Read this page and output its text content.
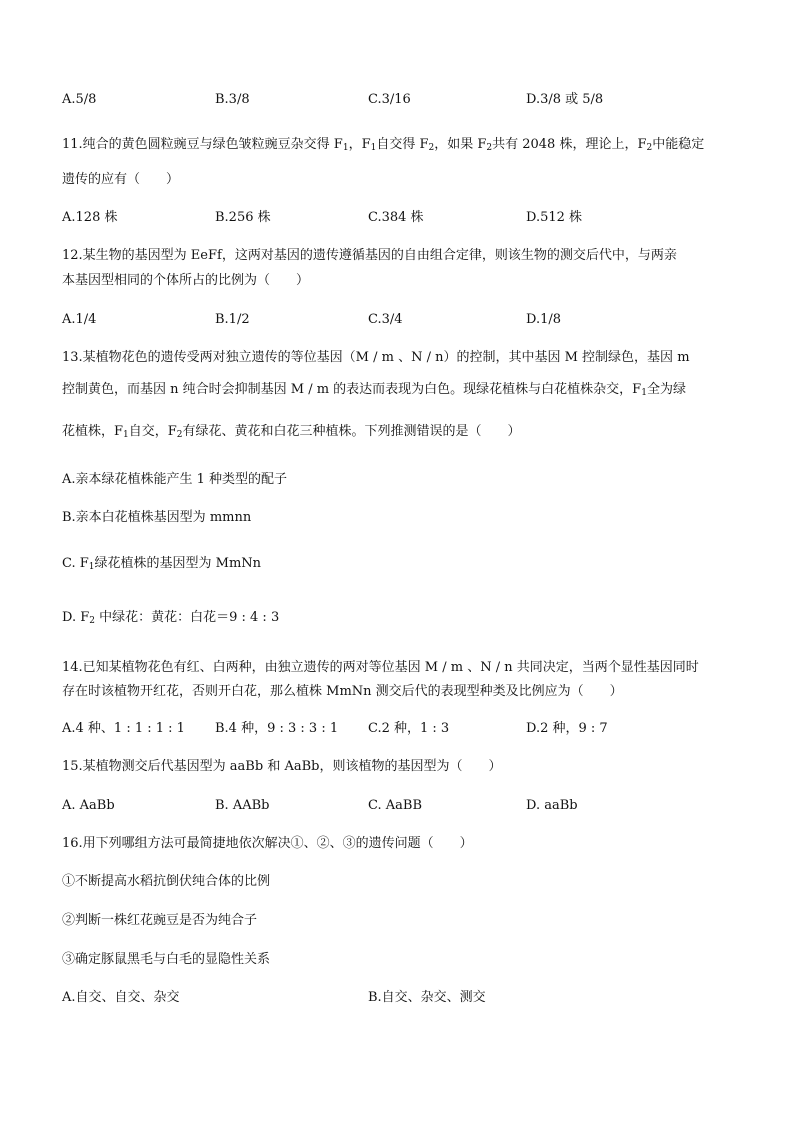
A.5/8	B.3/8	C.3/16	D.3/8 或 5/8
11.纯合的黄色圆粒豌豆与绿色皱粒豌豆杂交得 $F_1$，$F_1$自交得 $F_2$，如果 $F_2$共有 2048 株，理论上，$F_2$中能稳定
遗传的应有（　　）
A.128 株	B.256 株	C.384 株	D.512 株
12.某生物的基因型为 EeFf，这两对基因的遗传遵循基因的自由组合定律，则该生物的测交后代中，与两亲
本基因型相同的个体所占的比例为（　　）
A.1/4	B.1/2	C.3/4	D.1/8
13.某植物花色的遗传受两对独立遗传的等位基因（M / m 、N / n）的控制，其中基因 M 控制绿色，基因 m
控制黄色，而基因 n 纯合时会抑制基因 M / m 的表达而表现为白色。现绿花植株与白花植株杂交，$F_1$全为绿
花植株，$F_1$自交，$F_2$有绿花、黄花和白花三种植株。下列推测错误的是（　　）
A.亲本绿花植株能产生 1 种类型的配子
B.亲本白花植株基因型为 mmnn
C. $F_1$绿花植株的基因型为 MmNn
D. $F_2$ 中绿花：黄花：白花＝9 : 4 : 3
14.已知某植物花色有红、白两种，由独立遗传的两对等位基因 M / m 、N / n 共同决定，当两个显性基因同时
存在时该植物开红花，否则开白花，那么植株 MmNn 测交后代的表现型种类及比例应为（　　）
A.4 种、1 : 1 : 1 : 1 B.4 种，9 : 3 : 3 : 1 C.2 种，1 : 3	D.2 种，9 : 7
15.某植物测交后代基因型为 aaBb 和 AaBb，则该植物的基因型为（　　）
A. AaBb	B. AABb	C. AaBB	D. aaBb
16.用下列哪组方法可最简捷地依次解决①、②、③的遗传问题（　　）
①不断提高水稻抗倒伏纯合体的比例
②判断一株红花豌豆是否为纯合子
③确定豚鼠黑毛与白毛的显隐性关系
A.自交、自交、杂交	B.自交、杂交、测交
